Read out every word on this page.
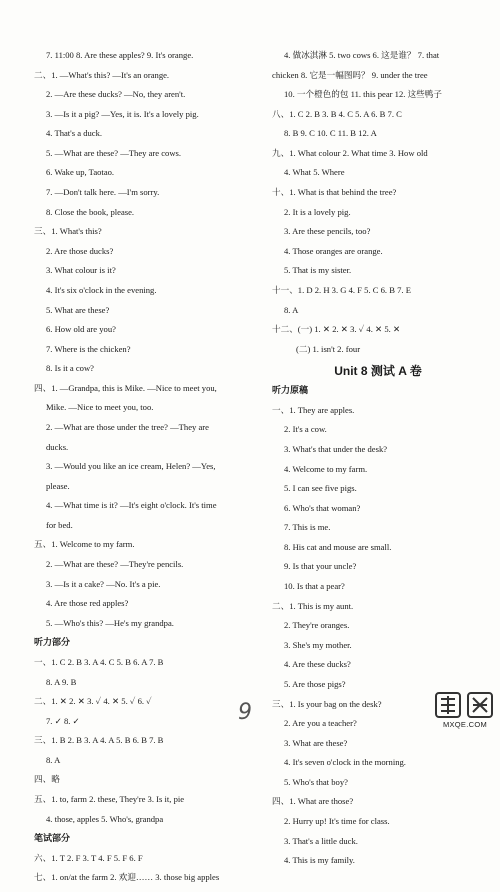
7. 11:00 8. Are these apples? 9. It's orange.
二、1. —What's this? —It's an orange.
2. —Are these ducks? —No, they aren't.
3. —Is it a pig? —Yes, it is. It's a lovely pig.
4. That's a duck.
5. —What are these? —They are cows.
6. Wake up, Taotao.
7. —Don't talk here. —I'm sorry.
8. Close the book, please.
三、1. What's this?
2. Are those ducks?
3. What colour is it?
4. It's six o'clock in the evening.
5. What are these?
6. How old are you?
7. Where is the chicken?
8. Is it a cow?
四、1. —Grandpa, this is Mike. —Nice to meet you,
Mike. —Nice to meet you, too.
2. —What are those under the tree? —They are
ducks.
3. —Would you like an ice cream, Helen? —Yes,
please.
4. —What time is it? —It's eight o'clock. It's time
for bed.
五、1. Welcome to my farm.
2. —What are these? —They're pencils.
3. —Is it a cake? —No. It's a pie.
4. Are those red apples?
5. —Who's this? —He's my grandpa.
听力部分
一、1. C 2. B 3. A 4. C 5. B 6. A 7. B
8. A 9. B
二、1. ✕ 2. ✕ 3. ✓ 4. ✕ 5. ✓ 6. ✓
7. ✓ 8. ✓
三、1. B 2. B 3. A 4. A 5. B 6. B 7. B
8. A
四、略
五、1. to, farm 2. these, They're 3. Is it, pie
4. those, apples 5. Who's, grandpa
笔试部分
六、1. T 2. F 3. T 4. F 5. F 6. F
七、1. on/at the farm 2. 欢迎…… 3. those big apples
4. 做冰淇淋 5. two cows 6. 这是谁？ 7. that
chicken 8. 它是一幅图吗？ 9. under the tree
10. 一个橙色的包 11. this pear 12. 这些鸭子
八、1. C 2. B 3. B 4. C 5. A 6. B 7. C
8. B 9. C 10. C 11. B 12. A
九、1. What colour 2. What time 3. How old
4. What 5. Where
十、1. What is that behind the tree?
2. It is a lovely pig.
3. Are these pencils, too?
4. Those oranges are orange.
5. That is my sister.
十一、1. D 2. H 3. G 4. F 5. C 6. B 7. E
8. A
十二、(一) 1. ✕ 2. ✕ 3. ✓ 4. ✕ 5. ✕
(二) 1. isn't 2. four
Unit 8 测试 A 卷
听力原稿
一、1. They are apples.
2. It's a cow.
3. What's that under the desk?
4. Welcome to my farm.
5. I can see five pigs.
6. Who's that woman?
7. This is me.
8. His cat and mouse are small.
9. Is that your uncle?
10. Is that a pear?
二、1. This is my aunt.
2. They're oranges.
3. She's my mother.
4. Are these ducks?
5. Are those pigs?
三、1. Is your bag on the desk?
2. Are you a teacher?
3. What are these?
4. It's seven o'clock in the morning.
5. Who's that boy?
四、1. What are those?
2. Hurry up! It's time for class.
3. That's a little duck.
4. This is my family.
9	MXQE.COM
